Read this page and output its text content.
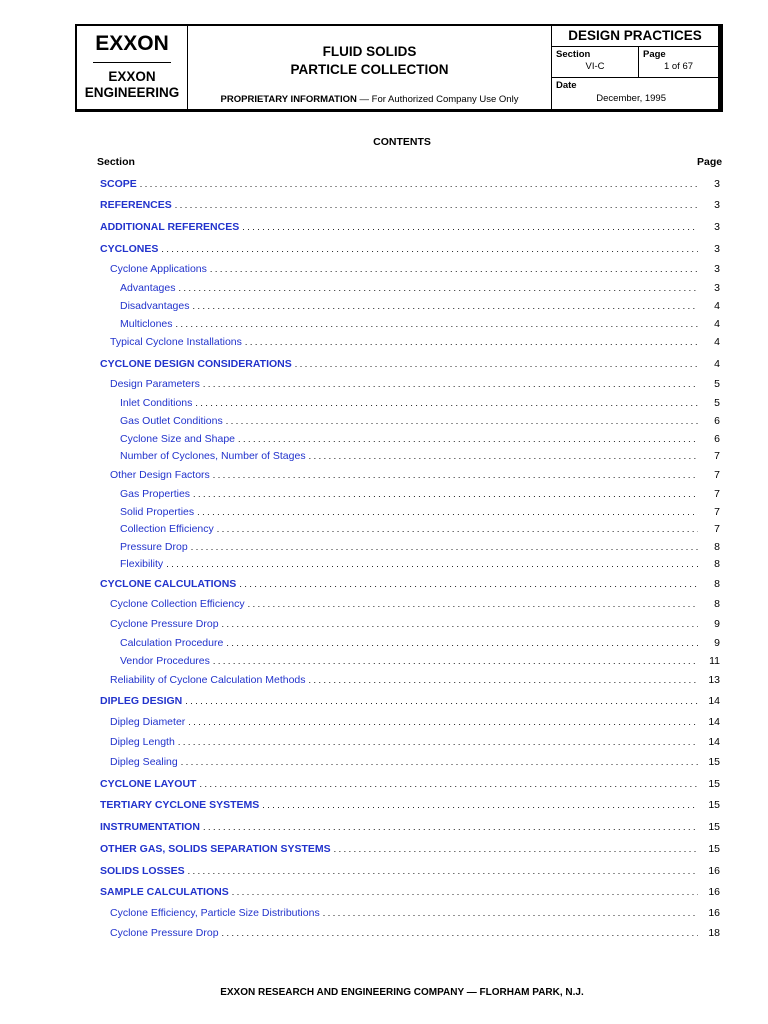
EXXON
EXXON
ENGINEERING
FLUID SOLIDS
PARTICLE COLLECTION
PROPRIETARY INFORMATION — For Authorized Company Use Only
DESIGN PRACTICES
Section
VI-C
Page
1 of 67
Date
December, 1995
CONTENTS
Section	Page
SCOPE . . .	3
REFERENCES . . .	3
ADDITIONAL REFERENCES . . .	3
CYCLONES . . .	3
Cyclone Applications . . .	3
Advantages . . .	3
Disadvantages . . .	4
Multiclones . . .	4
Typical Cyclone Installations . . .	4
CYCLONE DESIGN CONSIDERATIONS . . .	4
Design Parameters . . .	5
Inlet Conditions . . .	5
Gas Outlet Conditions . . .	6
Cyclone Size and Shape . . .	6
Number of Cyclones, Number of Stages . . .	7
Other Design Factors . . .	7
Gas Properties . . .	7
Solid Properties . . .	7
Collection Efficiency . . .	7
Pressure Drop . . .	8
Flexibility . . .	8
CYCLONE CALCULATIONS . . .	8
Cyclone Collection Efficiency . . .	8
Cyclone Pressure Drop . . .	9
Calculation Procedure . . .	9
Vendor Procedures . . .	11
Reliability of Cyclone Calculation Methods . . .	13
DIPLEG DESIGN . . .	14
Dipleg Diameter . . .	14
Dipleg Length . . .	14
Dipleg Sealing . . .	15
CYCLONE LAYOUT . . .	15
TERTIARY CYCLONE SYSTEMS . . .	15
INSTRUMENTATION . . .	15
OTHER GAS, SOLIDS SEPARATION SYSTEMS . . .	15
SOLIDS LOSSES . . .	16
SAMPLE CALCULATIONS . . .	16
Cyclone Efficiency, Particle Size Distributions . . .	16
Cyclone Pressure Drop . . .	18
EXXON RESEARCH AND ENGINEERING COMPANY — FLORHAM PARK, N.J.
